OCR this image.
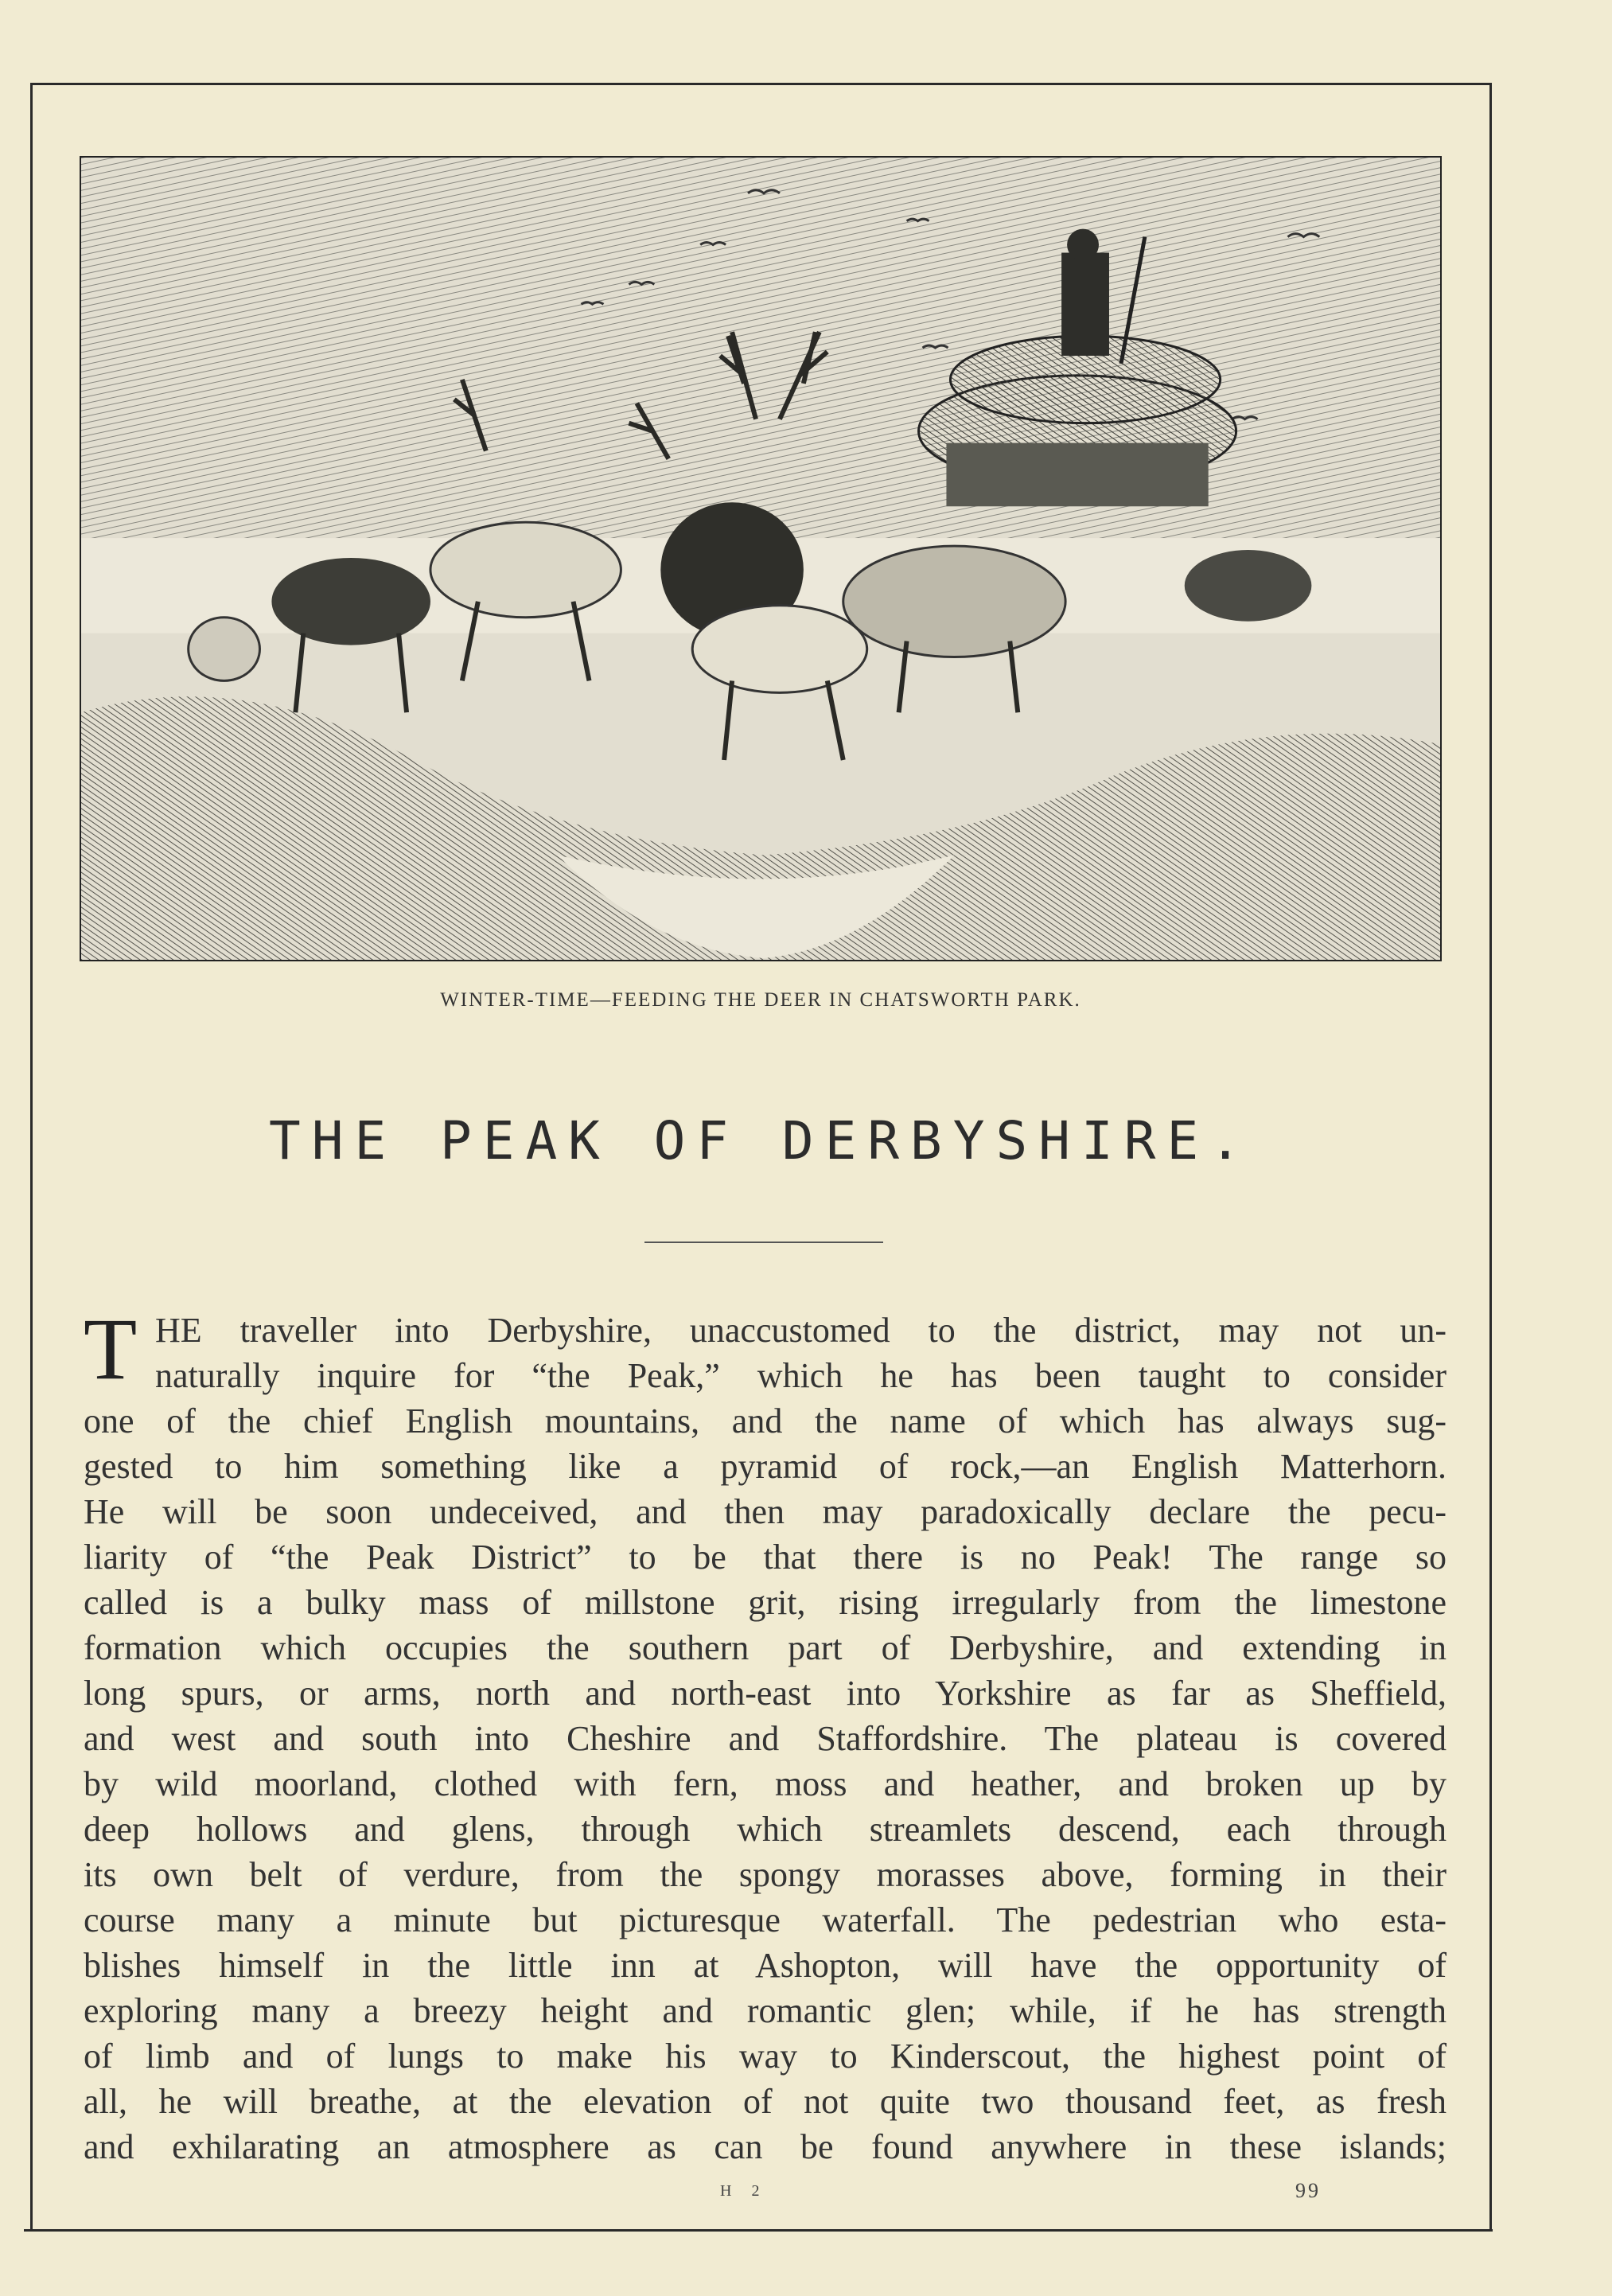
WINTER-TIME—FEEDING THE DEER IN CHATSWORTH PARK.
THE PEAK OF DERBYSHIRE.
T HE traveller into Derbyshire, unaccustomed to the district, may not un-
naturally inquire for “the Peak,” which he has been taught to consider
one of the chief English mountains, and the name of which has always sug-
gested to him something like a pyramid of rock,—an English Matterhorn.
He will be soon undeceived, and then may paradoxically declare the pecu-
liarity of “the Peak District” to be that there is no Peak! The range so
called is a bulky mass of millstone grit, rising irregularly from the limestone
formation which occupies the southern part of Derbyshire, and extending in
long spurs, or arms, north and north-east into Yorkshire as far as Sheffield,
and west and south into Cheshire and Staffordshire. The plateau is covered
by wild moorland, clothed with fern, moss and heather, and broken up by
deep hollows and glens, through which streamlets descend, each through
its own belt of verdure, from the spongy morasses above, forming in their
course many a minute but picturesque waterfall. The pedestrian who esta-
blishes himself in the little inn at Ashopton, will have the opportunity of
exploring many a breezy height and romantic glen; while, if he has strength
of limb and of lungs to make his way to Kinderscout, the highest point of
all, he will breathe, at the elevation of not quite two thousand feet, as fresh
and exhilarating an atmosphere as can be found anywhere in these islands;
H 2	99
